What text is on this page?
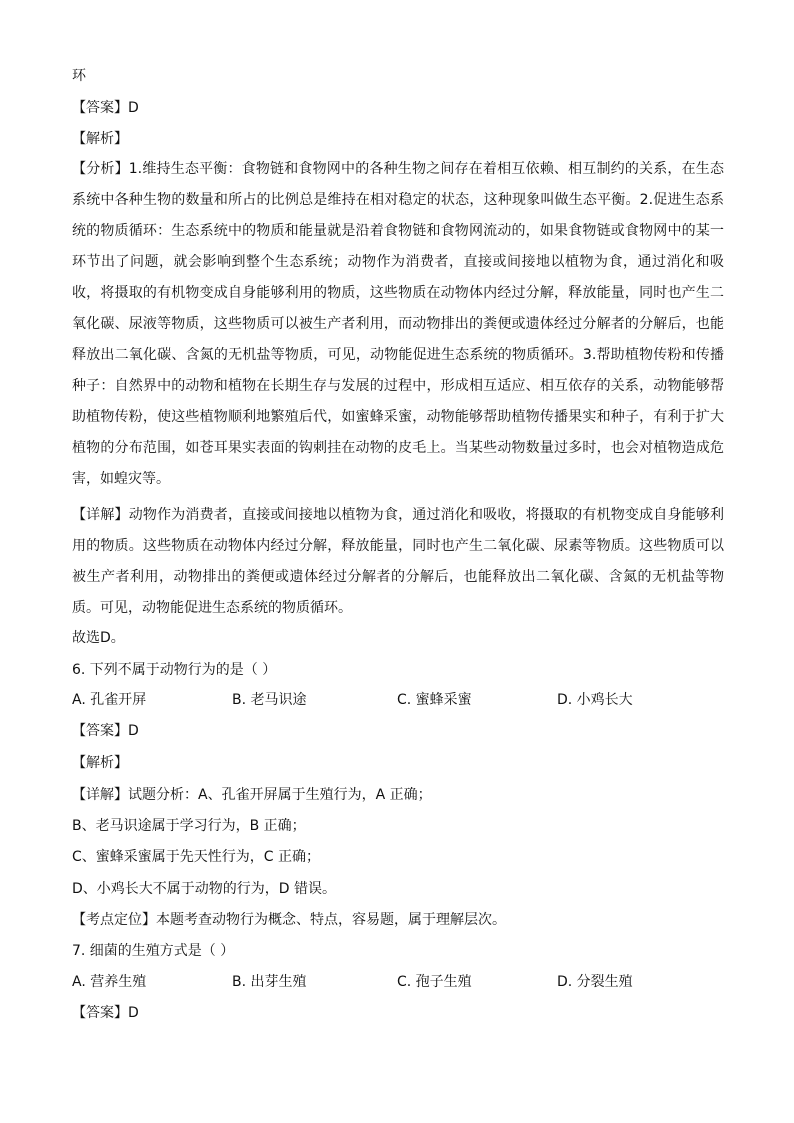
环
【答案】D
【解析】
【分析】1.维持生态平衡：食物链和食物网中的各种生物之间存在着相互依赖、相互制约的关系，在生态系统中各种生物的数量和所占的比例总是维持在相对稳定的状态，这种现象叫做生态平衡。2.促进生态系统的物质循环：生态系统中的物质和能量就是沿着食物链和食物网流动的，如果食物链或食物网中的某一环节出了问题，就会影响到整个生态系统；动物作为消费者，直接或间接地以植物为食，通过消化和吸收，将摄取的有机物变成自身能够利用的物质，这些物质在动物体内经过分解，释放能量，同时也产生二氧化碳、尿液等物质，这些物质可以被生产者利用，而动物排出的粪便或遗体经过分解者的分解后，也能释放出二氧化碳、含氮的无机盐等物质，可见，动物能促进生态系统的物质循环。3.帮助植物传粉和传播种子：自然界中的动物和植物在长期生存与发展的过程中，形成相互适应、相互依存的关系，动物能够帮助植物传粉，使这些植物顺利地繁殖后代，如蜜蜂采蜜，动物能够帮助植物传播果实和种子，有利于扩大植物的分布范围，如苍耳果实表面的钩刺挂在动物的皮毛上。当某些动物数量过多时，也会对植物造成危害，如蝗灾等。
【详解】动物作为消费者，直接或间接地以植物为食，通过消化和吸收，将摄取的有机物变成自身能够利用的物质。这些物质在动物体内经过分解，释放能量，同时也产生二氧化碳、尿素等物质。这些物质可以被生产者利用，动物排出的粪便或遗体经过分解者的分解后，也能释放出二氧化碳、含氮的无机盐等物质。可见，动物能促进生态系统的物质循环。
故选D。
6. 下列不属于动物行为的是（ ）
A. 孔雀开屏	B. 老马识途	C. 蜜蜂采蜜	D. 小鸡长大
【答案】D
【解析】
【详解】试题分析：A、孔雀开屏属于生殖行为，A 正确；
B、老马识途属于学习行为，B 正确；
C、蜜蜂采蜜属于先天性行为，C 正确；
D、小鸡长大不属于动物的行为，D 错误。
【考点定位】本题考查动物行为概念、特点，容易题，属于理解层次。
7. 细菌的生殖方式是（ ）
A. 营养生殖	B. 出芽生殖	C. 孢子生殖	D. 分裂生殖
【答案】D
